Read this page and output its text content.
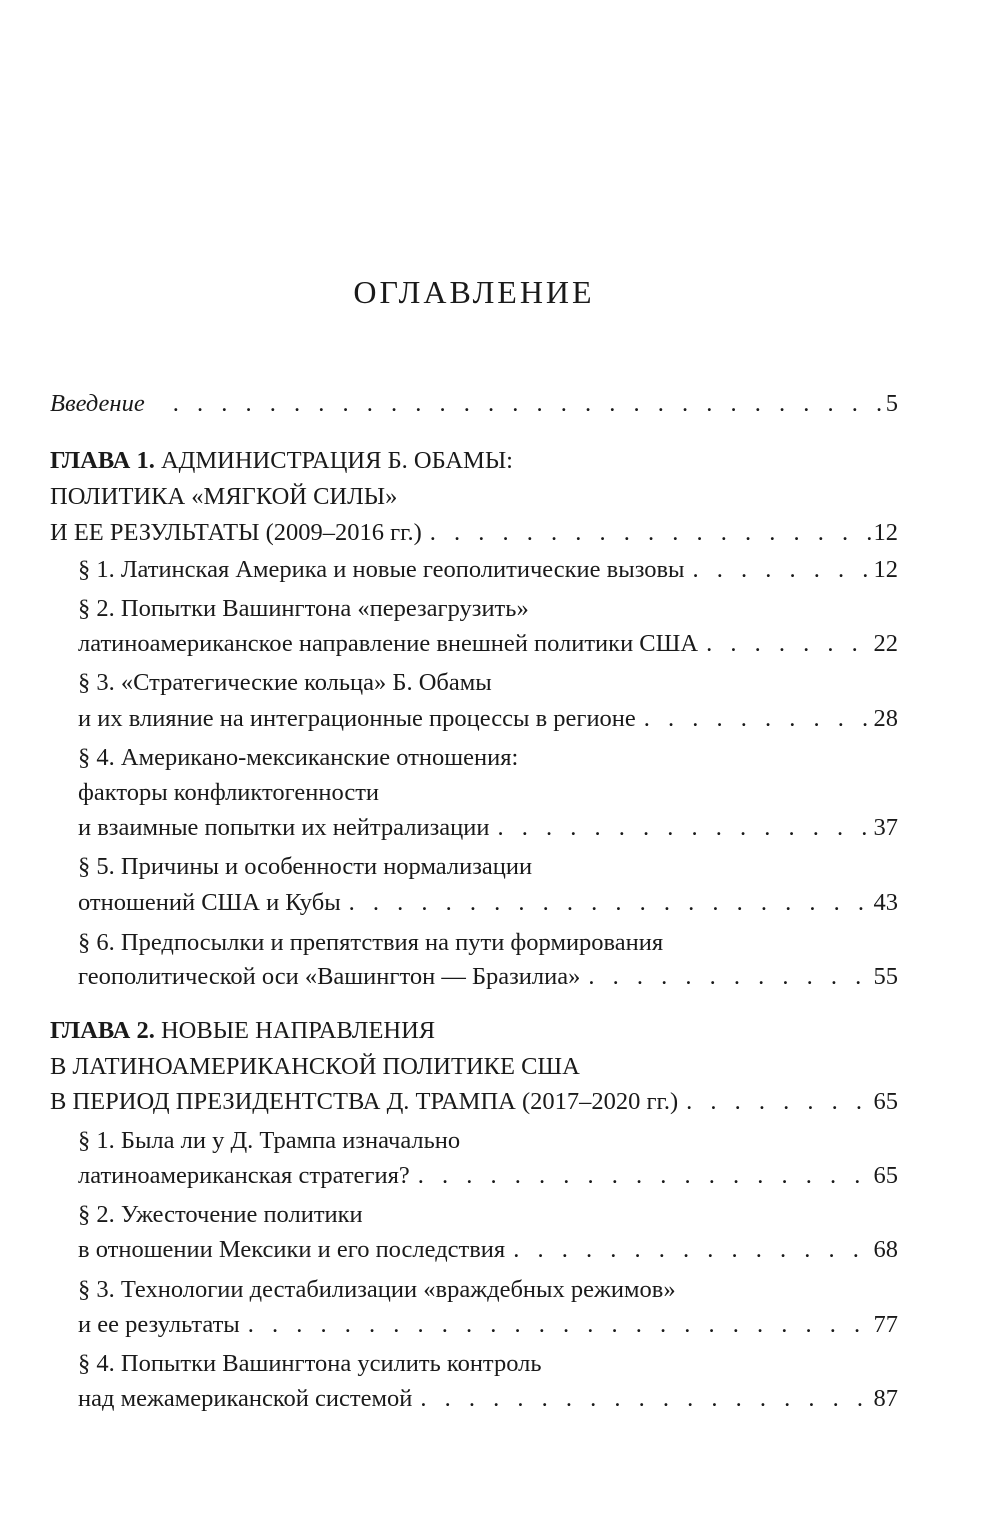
ОГЛАВЛЕНИЕ
Введение . . .	5
ГЛАВА 1. АДМИНИСТРАЦИЯ Б. ОБАМЫ:
ПОЛИТИКА «МЯГКОЙ СИЛЫ»
И ЕЕ РЕЗУЛЬТАТЫ (2009–2016 гг.) . . .	12
§ 1. Латинская Америка и новые геополитические вызовы . . .	12
§ 2. Попытки Вашингтона «перезагрузить»
латиноамериканское направление внешней политики США . . .	22
§ 3. «Стратегические кольца» Б. Обамы
и их влияние на интеграционные процессы в регионе . . .	28
§ 4. Американо-мексиканские отношения:
факторы конфликтогенности
и взаимные попытки их нейтрализации . . .	37
§ 5. Причины и особенности нормализации
отношений США и Кубы . . .	43
§ 6. Предпосылки и препятствия на пути формирования
геополитической оси «Вашингтон — Бразилиа» . . .	55
ГЛАВА 2. НОВЫЕ НАПРАВЛЕНИЯ
В ЛАТИНОАМЕРИКАНСКОЙ ПОЛИТИКЕ США
В ПЕРИОД ПРЕЗИДЕНТСТВА Д. ТРАМПА (2017–2020 гг.) . . .	65
§ 1. Была ли у Д. Трампа изначально
латиноамериканская стратегия? . . .	65
§ 2. Ужесточение политики
в отношении Мексики и его последствия . . .	68
§ 3. Технологии дестабилизации «враждебных режимов»
и ее результаты . . .	77
§ 4. Попытки Вашингтона усилить контроль
над межамериканской системой . . .	87
